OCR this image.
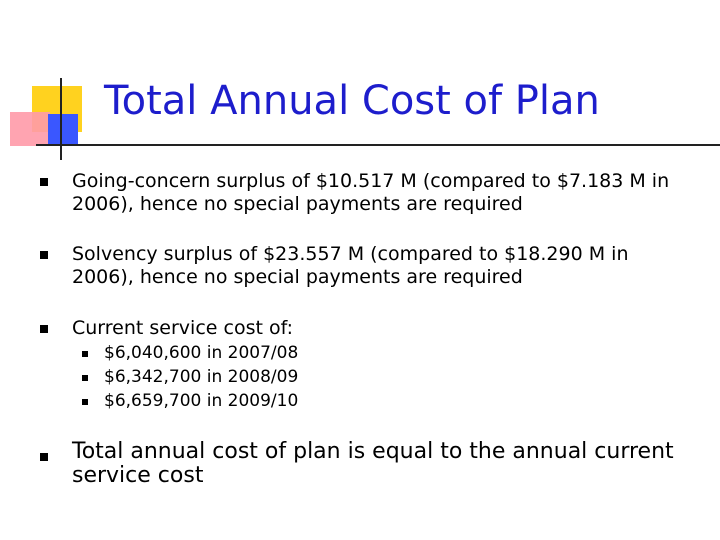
Total Annual Cost of Plan
Going-concern surplus of $10.517 M (compared to $7.183 M in 2006), hence no special payments are required
Solvency surplus of $23.557 M (compared to $18.290 M in 2006), hence no special payments are required
Current service cost of:
$6,040,600 in 2007/08
$6,342,700 in 2008/09
$6,659,700 in 2009/10
Total annual cost of plan is equal to the annual current service cost
